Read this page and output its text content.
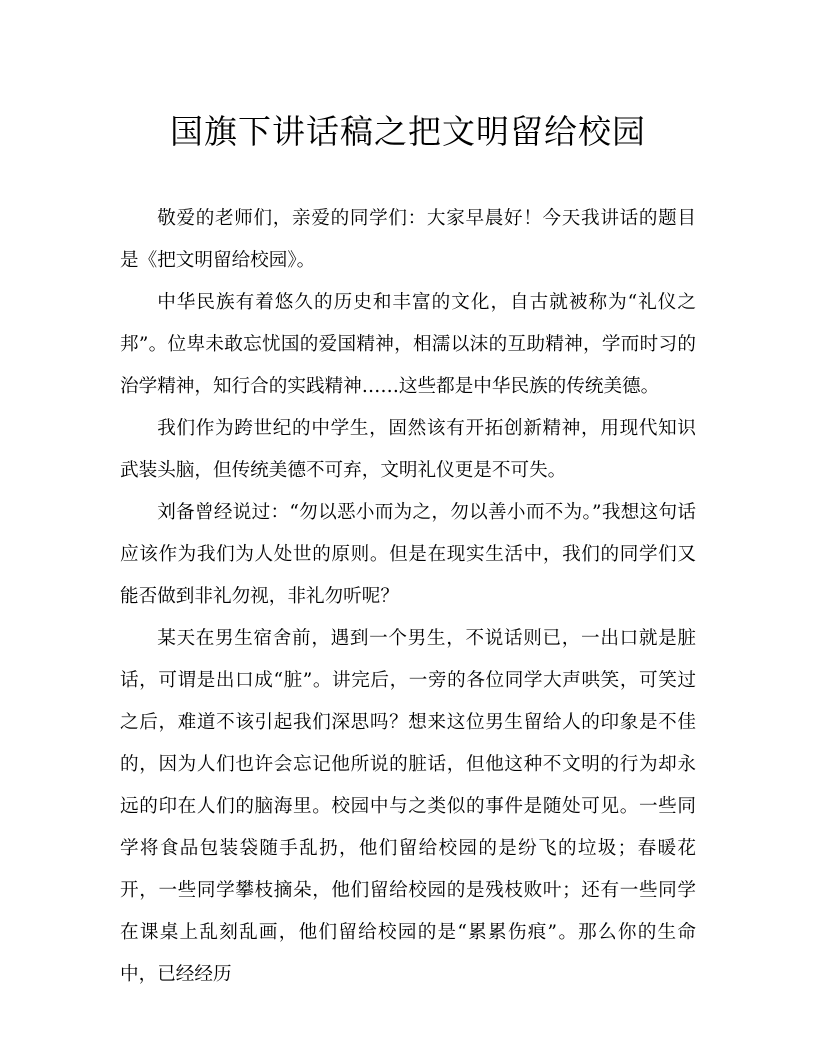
国旗下讲话稿之把文明留给校园

敬爱的老师们，亲爱的同学们：大家早晨好！今天我讲话的题目是《把文明留给校园》。

中华民族有着悠久的历史和丰富的文化，自古就被称为“礼仪之邦”。位卑未敢忘忧国的爱国精神，相濡以沫的互助精神，学而时习的治学精神，知行合的实践精神……这些都是中华民族的传统美德。

我们作为跨世纪的中学生，固然该有开拓创新精神，用现代知识武装头脑，但传统美德不可弃，文明礼仪更是不可失。

刘备曾经说过：“勿以恶小而为之，勿以善小而不为。”我想这句话应该作为我们为人处世的原则。但是在现实生活中，我们的同学们又能否做到非礼勿视，非礼勿听呢？

某天在男生宿舍前，遇到一个男生，不说话则已，一出口就是脏话，可谓是出口成“脏”。讲完后，一旁的各位同学大声哄笑，可笑过之后，难道不该引起我们深思吗？想来这位男生留给人的印象是不佳的，因为人们也许会忘记他所说的脏话，但他这种不文明的行为却永远的印在人们的脑海里。校园中与之类似的事件是随处可见。一些同学将食品包装袋随手乱扔，他们留给校园的是纷飞的垃圾；春暖花开，一些同学攀枝摘朵，他们留给校园的是残枝败叶；还有一些同学在课桌上乱刻乱画，他们留给校园的是“累累伤痕”。那么你的生命中，已经经历
